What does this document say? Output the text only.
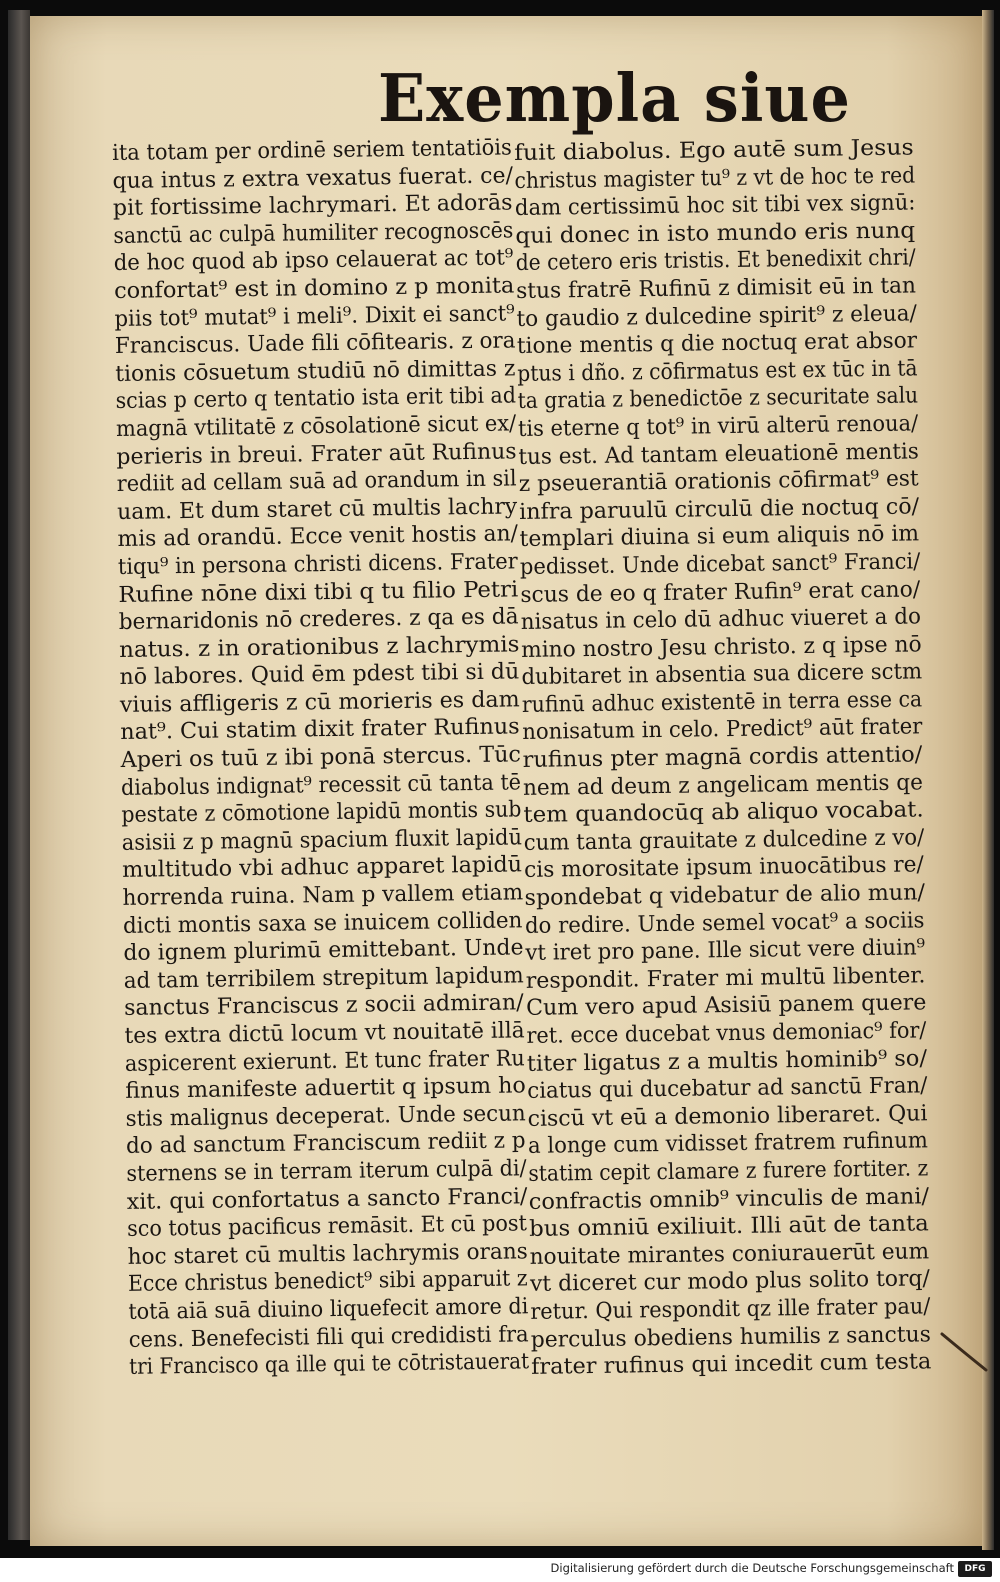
Exempla siue
ita totam per ordinē seriem tentatiōis
qua intus z extra vexatus fuerat. ce/
pit fortissime lachrymari. Et adorās
sanctū ac culpā humiliter recognoscēs
de hoc quod ab ipso celauerat ac tot⁹
confortat⁹ est in domino z p monita
piis tot⁹ mutat⁹ i meli⁹. Dixit ei sanct⁹
Franciscus. Uade fili cōfitearis. z ora
tionis cōsuetum studiū nō dimittas z
scias p certo q tentatio ista erit tibi ad
magnā vtilitatē z cōsolationē sicut ex/
perieris in breui. Frater aūt Rufinus
rediit ad cellam suā ad orandum in sil
uam. Et dum staret cū multis lachry
mis ad orandū. Ecce venit hostis an/
tiqu⁹ in persona christi dicens. Frater
Rufine nōne dixi tibi q tu filio Petri
bernaridonis nō crederes. z qa es dā
natus. z in orationibus z lachrymis
nō labores. Quid ēm pdest tibi si dū
viuis affligeris z cū morieris es dam
nat⁹. Cui statim dixit frater Rufinus
Aperi os tuū z ibi ponā stercus. Tūc
diabolus indignat⁹ recessit cū tanta tē
pestate z cōmotione lapidū montis sub
asisii z p magnū spacium fluxit lapidū
multitudo vbi adhuc apparet lapidū
horrenda ruina. Nam p vallem etiam
dicti montis saxa se inuicem colliden
do ignem plurimū emittebant. Unde
ad tam terribilem strepitum lapidum
sanctus Franciscus z socii admiran/
tes extra dictū locum vt nouitatē illā
aspicerent exierunt. Et tunc frater Ru
finus manifeste aduertit q ipsum ho
stis malignus deceperat. Unde secun
do ad sanctum Franciscum rediit z p
sternens se in terram iterum culpā di/
xit. qui confortatus a sancto Franci/
sco totus pacificus remāsit. Et cū post
hoc staret cū multis lachrymis orans
Ecce christus benedict⁹ sibi apparuit z
totā aiā suā diuino liquefecit amore di
cens. Benefecisti fili qui credidisti fra
tri Francisco qa ille qui te cōtristauerat
fuit diabolus. Ego autē sum Jesus
christus magister tu⁹ z vt de hoc te red
dam certissimū hoc sit tibi vex signū:
qui donec in isto mundo eris nunq
de cetero eris tristis. Et benedixit chri/
stus fratrē Rufinū z dimisit eū in tan
to gaudio z dulcedine spirit⁹ z eleua/
tione mentis q die noctuq erat absor
ptus i dño. z cōfirmatus est ex tūc in tā
ta gratia z benedictōe z securitate salu
tis eterne q tot⁹ in virū alterū renoua/
tus est. Ad tantam eleuationē mentis
z pseuerantiā orationis cōfirmat⁹ est
infra paruulū circulū die noctuq cō/
templari diuina si eum aliquis nō im
pedisset. Unde dicebat sanct⁹ Franci/
scus de eo q frater Rufin⁹ erat cano/
nisatus in celo dū adhuc viueret a do
mino nostro Jesu christo. z q ipse nō
dubitaret in absentia sua dicere sctm
rufinū adhuc existentē in terra esse ca
nonisatum in celo. Predict⁹ aūt frater
rufinus pter magnā cordis attentio/
nem ad deum z angelicam mentis qe
tem quandocūq ab aliquo vocabat.
cum tanta grauitate z dulcedine z vo/
cis morositate ipsum inuocātibus re/
spondebat q videbatur de alio mun/
do redire. Unde semel vocat⁹ a sociis
vt iret pro pane. Ille sicut vere diuin⁹
respondit. Frater mi multū libenter.
Cum vero apud Asisiū panem quere
ret. ecce ducebat vnus demoniac⁹ for/
titer ligatus z a multis hominib⁹ so/
ciatus qui ducebatur ad sanctū Fran/
ciscū vt eū a demonio liberaret. Qui
a longe cum vidisset fratrem rufinum
statim cepit clamare z furere fortiter. z
confractis omnib⁹ vinculis de mani/
bus omniū exiliuit. Illi aūt de tanta
nouitate mirantes coniurauerūt eum
vt diceret cur modo plus solito torq/
retur. Qui respondit qz ille frater pau/
perculus obediens humilis z sanctus
frater rufinus qui incedit cum testa
Digitalisierung gefördert durch die Deutsche Forschungsgemeinschaft	DFG
